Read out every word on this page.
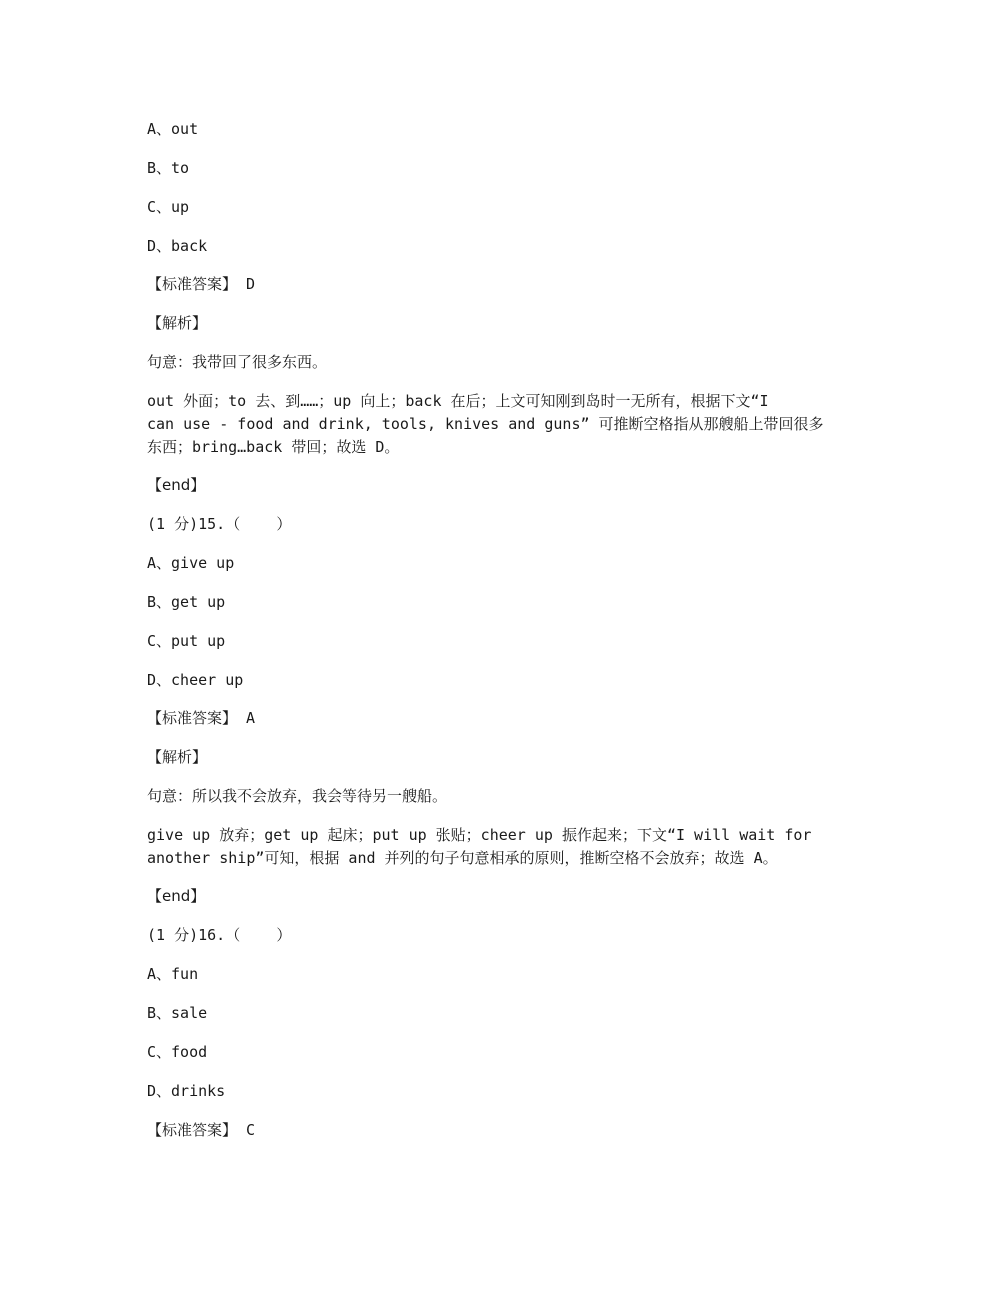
A、out
B、to
C、up
D、back
【标准答案】 D
【解析】
句意：我带回了很多东西。
out 外面；to 去、到……；up 向上；back 在后；上文可知刚到岛时一无所有，根据下文“I
can use - food and drink, tools, knives and guns” 可推断空格指从那艘船上带回很多
东西；bring…back 带回；故选 D。
【end】
(1 分)15.（    ）
A、give up
B、get up
C、put up
D、cheer up
【标准答案】 A
【解析】
句意：所以我不会放弃，我会等待另一艘船。
give up 放弃；get up 起床；put up 张贴；cheer up 振作起来；下文“I will wait for
another ship”可知，根据 and 并列的句子句意相承的原则，推断空格不会放弃；故选 A。
【end】
(1 分)16.（    ）
A、fun
B、sale
C、food
D、drinks
【标准答案】 C
